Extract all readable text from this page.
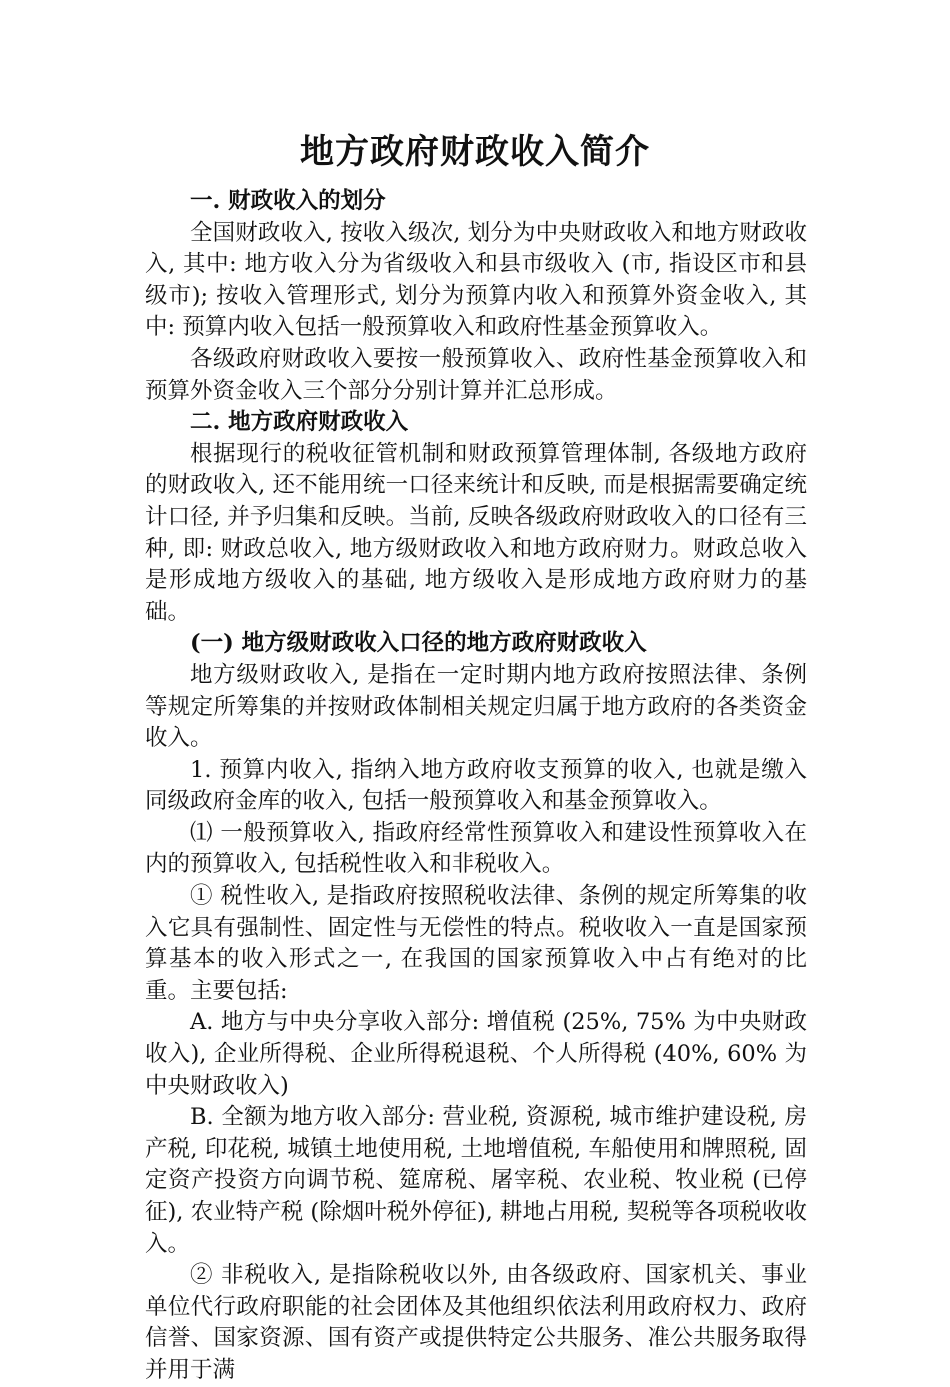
地方政府财政收入简介

一. 财政收入的划分

全国财政收入, 按收入级次, 划分为中央财政收入和地方财政收入, 其中: 地方收入分为省级收入和县市级收入 (市, 指设区市和县级市); 按收入管理形式, 划分为预算内收入和预算外资金收入, 其中: 预算内收入包括一般预算收入和政府性基金预算收入。

各级政府财政收入要按一般预算收入、政府性基金预算收入和预算外资金收入三个部分分别计算并汇总形成。

二. 地方政府财政收入

根据现行的税收征管机制和财政预算管理体制, 各级地方政府的财政收入, 还不能用统一口径来统计和反映, 而是根据需要确定统计口径, 并予归集和反映。当前, 反映各级政府财政收入的口径有三种, 即: 财政总收入, 地方级财政收入和地方政府财力。财政总收入是形成地方级收入的基础, 地方级收入是形成地方政府财力的基础。

(一) 地方级财政收入口径的地方政府财政收入

地方级财政收入, 是指在一定时期内地方政府按照法律、条例等规定所筹集的并按财政体制相关规定归属于地方政府的各类资金收入。

1. 预算内收入, 指纳入地方政府收支预算的收入, 也就是缴入同级政府金库的收入, 包括一般预算收入和基金预算收入。

⑴ 一般预算收入, 指政府经常性预算收入和建设性预算收入在内的预算收入, 包括税性收入和非税收入。

① 税性收入, 是指政府按照税收法律、条例的规定所筹集的收入它具有强制性、固定性与无偿性的特点。税收收入一直是国家预算基本的收入形式之一, 在我国的国家预算收入中占有绝对的比重。主要包括:

A. 地方与中央分享收入部分: 增值税 (25%, 75% 为中央财政收入), 企业所得税、企业所得税退税、个人所得税 (40%, 60% 为中央财政收入)

B. 全额为地方收入部分: 营业税, 资源税, 城市维护建设税, 房产税, 印花税, 城镇土地使用税, 土地增值税, 车船使用和牌照税, 固定资产投资方向调节税、筵席税、屠宰税、农业税、牧业税 (已停征), 农业特产税 (除烟叶税外停征), 耕地占用税, 契税等各项税收收入。

② 非税收入, 是指除税收以外, 由各级政府、国家机关、事业单位代行政府职能的社会团体及其他组织依法利用政府权力、政府信誉、国家资源、国有资产或提供特定公共服务、准公共服务取得并用于满
